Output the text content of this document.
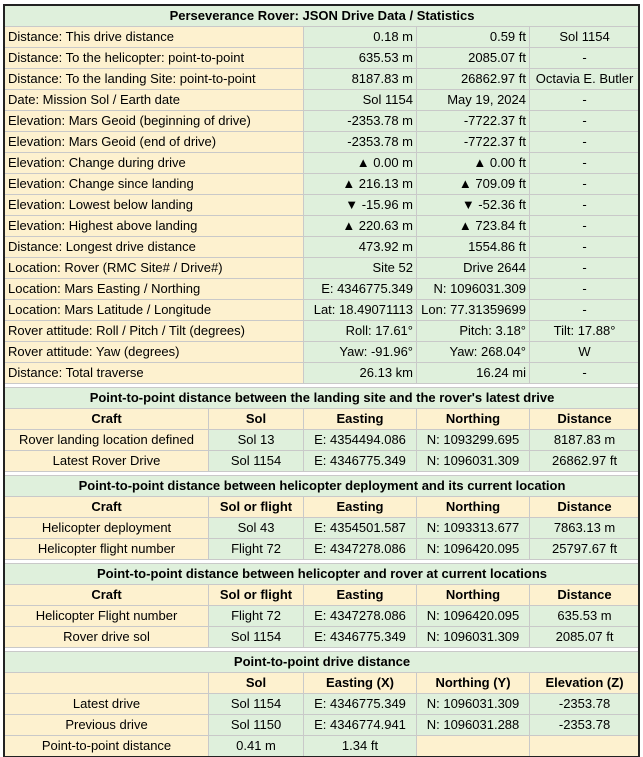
Perseverance Rover: JSON Drive Data / Statistics				
Distance: This drive distance		0.18 m	0.59 ft	Sol 1154
Distance: To the helicopter: point-to-point		635.53 m	2085.07 ft	-
Distance: To the landing Site: point-to-point		8187.83 m	26862.97 ft	Octavia E. Butler
Date: Mission Sol / Earth date		Sol 1154	May 19, 2024	-
Elevation: Mars Geoid (beginning of drive)		-2353.78 m	-7722.37 ft	-
Elevation: Mars Geoid (end of drive)		-2353.78 m	-7722.37 ft	-
Elevation: Change during drive		▲ 0.00 m	▲ 0.00 ft	-
Elevation: Change since landing		▲ 216.13 m	▲ 709.09 ft	-
Elevation: Lowest below landing		▼ -15.96 m	▼ -52.36 ft	-
Elevation: Highest above landing		▲ 220.63 m	▲ 723.84 ft	-
Distance: Longest drive distance		473.92 m	1554.86 ft	-
Location: Rover (RMC Site# / Drive#)		Site 52	Drive 2644	-
Location: Mars Easting / Northing		E: 4346775.349	N: 1096031.309	-
Location: Mars Latitude / Longitude		Lat: 18.49071113	Lon: 77.31359699	-
Rover attitude: Roll / Pitch / Tilt (degrees)		Roll: 17.61°	Pitch: 3.18°	Tilt: 17.88°
Rover attitude: Yaw (degrees)		Yaw: -91.96°	Yaw: 268.04°	W
Distance: Total traverse		26.13 km	16.24 mi	-

Point-to-point distance between the landing site and the rover's latest drive				
Craft	Sol	Easting	Northing	Distance
Rover landing location defined	Sol 13	E: 4354494.086	N: 1093299.695	8187.83 m
Latest Rover Drive	Sol 1154	E: 4346775.349	N: 1096031.309	26862.97 ft

Point-to-point distance between helicopter deployment and its current location				
Craft	Sol or flight	Easting	Northing	Distance
Helicopter deployment	Sol 43	E: 4354501.587	N: 1093313.677	7863.13 m
Helicopter flight number	Flight 72	E: 4347278.086	N: 1096420.095	25797.67 ft

Point-to-point distance between helicopter and rover at current locations				
Craft	Sol or flight	Easting	Northing	Distance
Helicopter Flight number	Flight 72	E: 4347278.086	N: 1096420.095	635.53 m
Rover drive sol	Sol 1154	E: 4346775.349	N: 1096031.309	2085.07 ft

Point-to-point drive distance				
	Sol	Easting (X)	Northing (Y)	Elevation (Z)
Latest drive	Sol 1154	E: 4346775.349	N: 1096031.309	-2353.78
Previous drive	Sol 1150	E: 4346774.941	N: 1096031.288	-2353.78
Point-to-point distance	0.41 m	1.34 ft		
